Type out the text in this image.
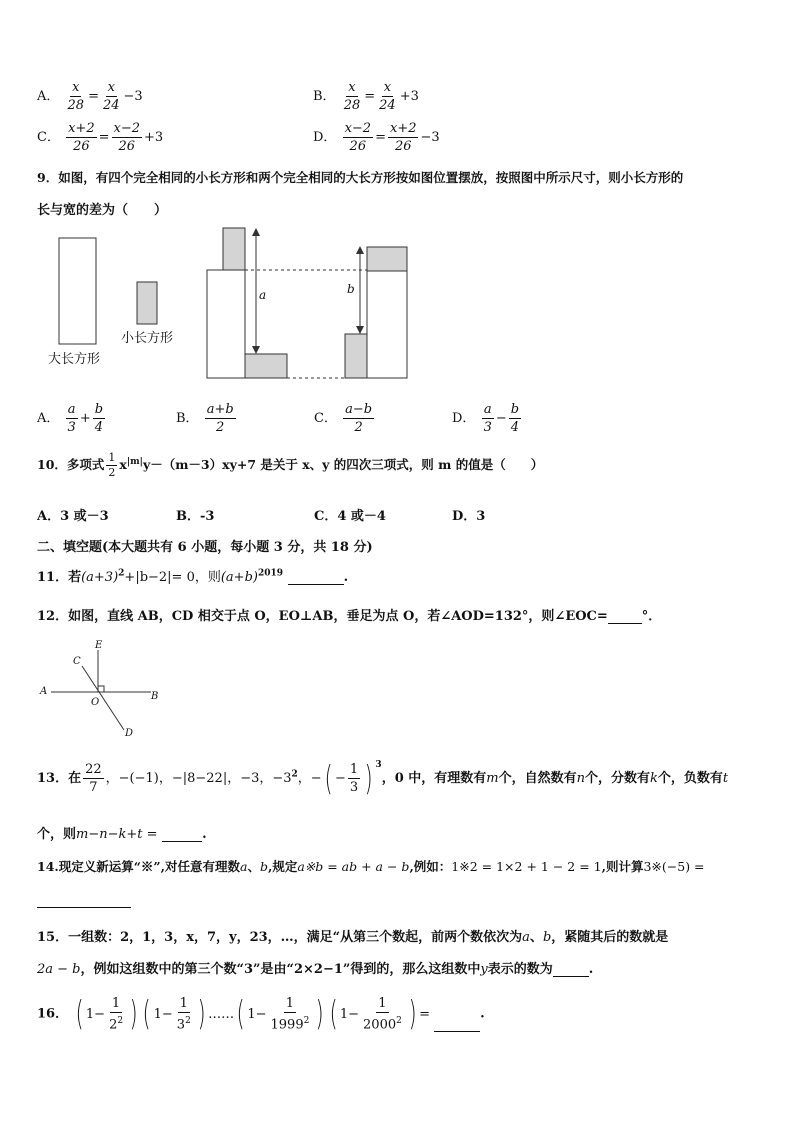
A． $\frac{x}{28} = \frac{x}{24} -3$	B． $\frac{x}{28} = \frac{x}{24} +3$
C． $\frac{x+2}{26} = \frac{x-2}{26} +3$	D． $\frac{x-2}{26} = \frac{x+2}{26} -3$
9．如图，有四个完全相同的小长方形和两个完全相同的大长方形按如图位置摆放，按照图中所示尺寸，则小长方形的
长与宽的差为（　　）
a	b
大长方形
小长方形
A． $\frac{a}{3} + \frac{b}{4}$	B． $\frac{a+b}{2}$	C． $\frac{a-b}{2}$	D． $\frac{a}{3} - \frac{b}{4}$
10．多项式 $\frac{1}{2} x^{|m|}y-(m-3)xy+7$ 是关于 x、y 的四次三项式，则 m 的值是（　　）
A．3 或－3	B．-3	C．4 或－4	D．3
二、填空题(本大题共有 6 小题，每小题 3 分，共 18 分)
11．若$(a+3)^2+|b-2|= 0$，则$(a+b)^{2019}$	.
12．如图，直线 AB，CD 相交于点 O，EO⊥AB，垂足为点 O，若∠AOD=132°，则∠EOC=	°．
E
C
A
O
B
D
13．在 $\frac{22}{7}$ ，−(−1)，−|8−22|，−3，$-3^2$，−( − $\frac{1}{3}$ ) $^3$，0 中，有理数有m个，自然数有n个，分数有k个，负数有t
个，则m−n−k+t =	.
14.现定义新运算“※”,对任意有理数a、b,规定a※b = ab + a − b,例如：1※2 = 1×2 + 1 − 2 = 1,则计算3※(−5) =
15．一组数：2，1，3，x，7，y，23，…，满足“从第三个数起，前两个数依次为a、b，紧随其后的数就是
2a − b，例如这组数中的第三个数“3”是由“2×2−1”得到的，那么这组数中y表示的数为	.
16． ( $1- \frac{1}{2^2}$ ) ( $1- \frac{1}{3^2}$ ) ……( $1- \frac{1}{1999^2}$ ) ( $1- \frac{1}{2000^2}$ ) =	.
